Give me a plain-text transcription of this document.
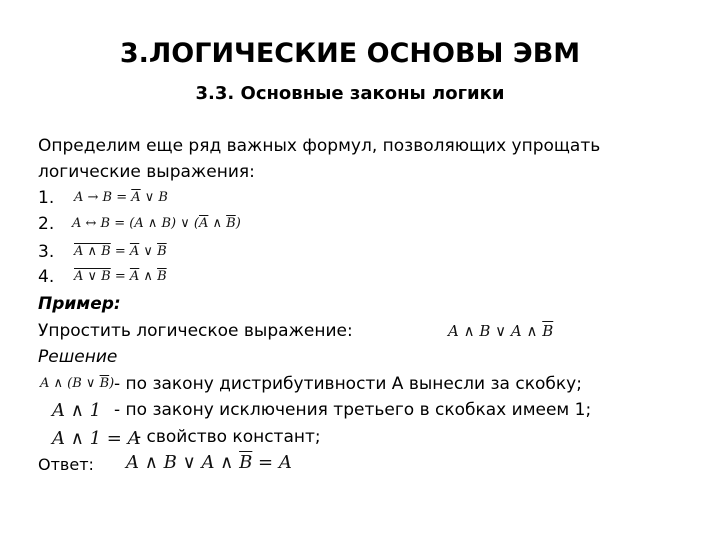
3.ЛОГИЧЕСКИЕ ОСНОВЫ ЭВМ
3.3. Основные законы логики
Определим еще ряд важных формул, позволяющих упрощать
логические выражения:
1. $A \to B = \overline{A}$ ∨ B
2. A ↔ B = (A ∧ B) ∨ ($\overline{A}$ ∧ $\overline{B}$)
3. A ∧ $B = \overline{A}$ ∨ $\overline{B}$
4. A ∨ $B = \overline{A}$ ∧ $\overline{B}$
Пример:
Упростить логическое выражение:	A ∧ B ∨ A ∧ $\overline{B}$
Решение
A ∧ (B ∨ $\overline{B}$) - по закону дистрибутивности А вынесли за скобку;
A ∧ 1 - по закону исключения третьего в скобках имеем 1;
A ∧ 1 = A
- свойство констант;
Ответ: A ∧ B ∨ A ∧ $\overline{B} = A$
